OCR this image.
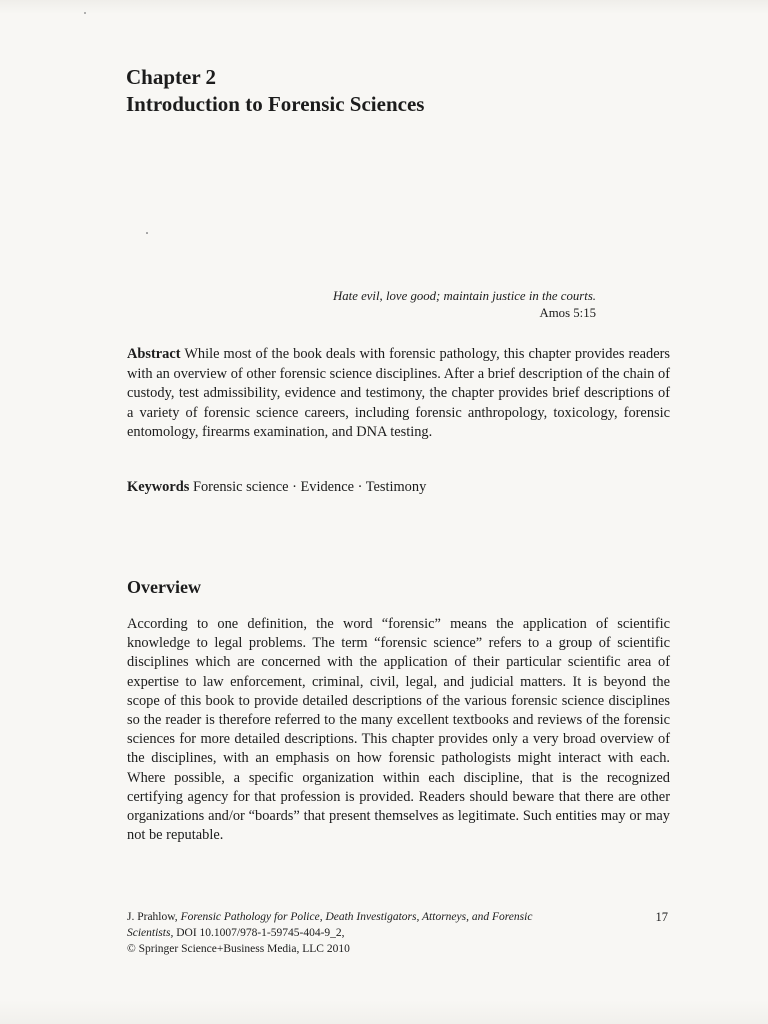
Chapter 2
Introduction to Forensic Sciences
Hate evil, love good; maintain justice in the courts.
Amos 5:15

Abstract While most of the book deals with forensic pathology, this chapter provides readers with an overview of other forensic science disciplines. After a brief description of the chain of custody, test admissibility, evidence and testimony, the chapter provides brief descriptions of a variety of forensic science careers, including forensic anthropology, toxicology, forensic entomology, firearms examination, and DNA testing.

Keywords Forensic science · Evidence · Testimony

Overview

According to one definition, the word “forensic” means the application of scientific knowledge to legal problems. The term “forensic science” refers to a group of scientific disciplines which are concerned with the application of their particular scientific area of expertise to law enforcement, criminal, civil, legal, and judicial matters. It is beyond the scope of this book to provide detailed descriptions of the various forensic science disciplines so the reader is therefore referred to the many excellent textbooks and reviews of the forensic sciences for more detailed descriptions. This chapter provides only a very broad overview of the disciplines, with an emphasis on how forensic pathologists might interact with each. Where possible, a specific organization within each discipline, that is the recognized certifying agency for that profession is provided. Readers should beware that there are other organizations and/or “boards” that present themselves as legitimate. Such entities may or may not be reputable.

J. Prahlow, Forensic Pathology for Police, Death Investigators, Attorneys, and Forensic Scientists, DOI 10.1007/978-1-59745-404-9_2,
© Springer Science+Business Media, LLC 2010

17
